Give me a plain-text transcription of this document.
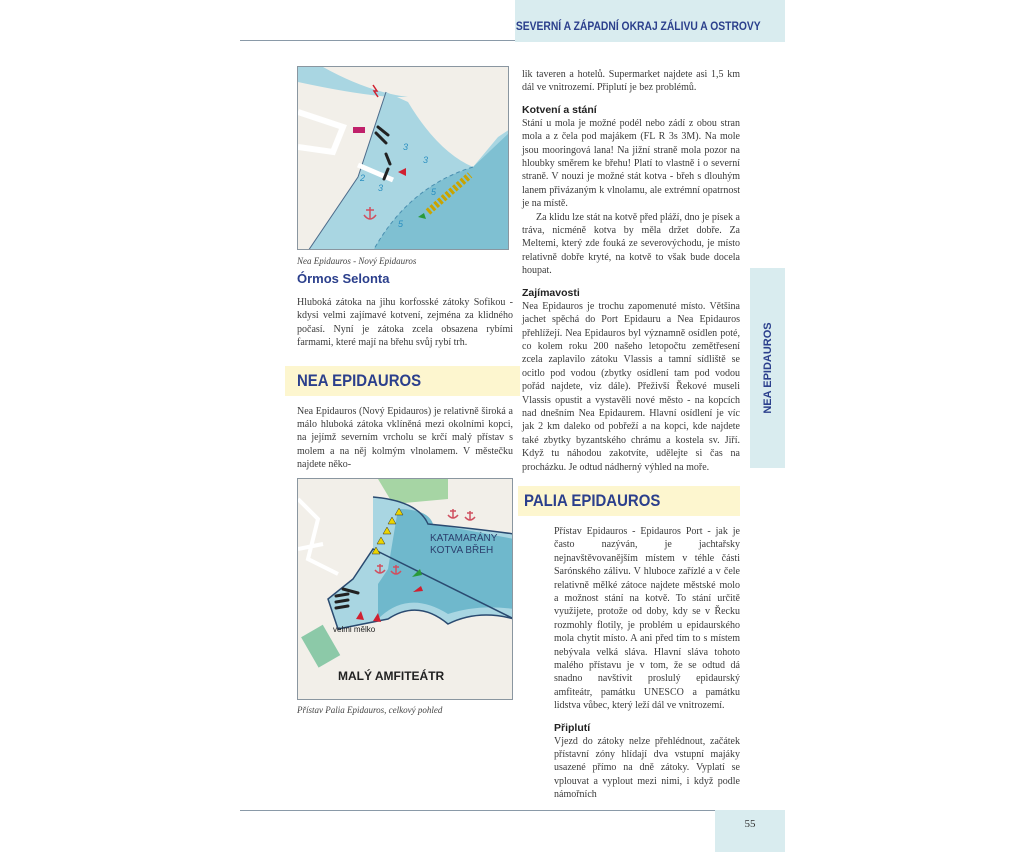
SEVERNÍ A ZÁPADNÍ OKRAJ ZÁLIVU A OSTROVY
NEA EPIDAUROS
3
3
2
3	5
5
Nea Epidauros - Nový Epidauros
Órmos Selonta

Hluboká zátoka na jihu korfosské zátoky Sofikou - kdysi velmi zajímavé kotvení, zejména za klidného počasí. Nyní je zátoka zcela obsazena rybími farmami, které mají na břehu svůj rybí trh.

NEA EPIDAUROS

Nea Epidauros (Nový Epidauros) je relativně široká a málo hluboká zátoka vklíněná mezi okolními kopci, na jejímž severním vrcholu se krčí malý přístav s molem a na něj kolmým vlnolamem. V městečku najdete něko-

KATAMARÁNY
KOTVA BŘEH
velmi mělko
MALÝ AMFITEÁTR
Přístav Palia Epidauros, celkový pohled

lik taveren a hotelů. Supermarket najdete asi 1,5 km dál ve vnitrozemí. Připlutí je bez problémů.

Kotvení a stání

Stání u mola je možné podél nebo zádí z obou stran mola a z čela pod majákem (FL R 3s 3M). Na mole jsou mooringová lana! Na jižní straně mola pozor na hloubky směrem ke břehu! Platí to vlastně i o severní straně. V nouzi je možné stát kotva - břeh s dlouhým lanem přivázaným k vlnolamu, ale extrémní opatrnost je na místě.

Za klidu lze stát na kotvě před pláží, dno je písek a tráva, nicméně kotva by měla držet dobře. Za Meltemi, který zde fouká ze severovýchodu, je místo relativně dobře kryté, na kotvě to však bude docela houpat.

Zajímavosti

Nea Epidauros je trochu zapomenuté místo. Většina jachet spěchá do Port Epidauru a Nea Epidauros přehlížejí. Nea Epidauros byl významně osídlen poté, co kolem roku 200 našeho letopočtu zemětřesení zcela zaplavilo zátoku Vlassis a tamní sídliště se ocitlo pod vodou (zbytky osídlení tam pod vodou pořád najdete, viz dále). Přeživší Řekové museli Vlassis opustit a vystavěli nové město - na kopcích nad dnešním Nea Epidaurem. Hlavní osídlení je víc jak 2 km daleko od pobřeží a na kopci, kde najdete také zbytky byzantského chrámu a kostela sv. Jiří. Když tu náhodou zakotvíte, udělejte si čas na procházku. Je odtud nádherný výhled na moře.

PALIA EPIDAUROS

Přístav Epidauros - Epidauros Port - jak je často nazýván, je jachtařsky nejnavštěvovanějším místem v téhle části Sarónského zálivu. V hluboce zařízlé a v čele relativně mělké zátoce najdete městské molo a možnost stání na kotvě. To stání určitě využijete, protože od doby, kdy se v Řecku rozmohly flotily, je problém u epidaurského mola chytit místo. A ani před tím to s místem nebývala velká sláva. Hlavní sláva tohoto malého přístavu je v tom, že se odtud dá snadno navštívit proslulý epidaurský amfiteátr, památku UNESCO a památku lidstva vůbec, který leží dál ve vnitrozemí.

Připlutí

Vjezd do zátoky nelze přehlédnout, začátek přístavní zóny hlídají dva vstupní majáky usazené přímo na dně zátoky. Vyplatí se vplouvat a vyplout mezi nimi, i když podle námořních

55
